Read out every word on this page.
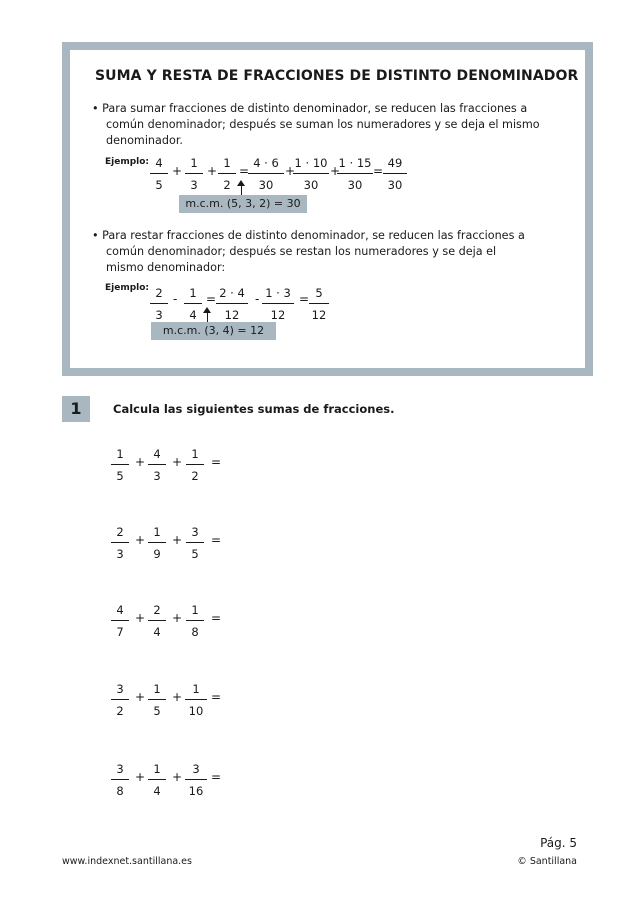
SUMA Y RESTA DE FRACCIONES DE DISTINTO DENOMINADOR
• Para sumar fracciones de distinto denominador, se reducen las fracciones a
común denominador; después se suman los numeradores y se deja el mismo
denominador.
Ejemplo: 4
5
+
1
3
+
1
2
=
4 · 6
30
+
1 · 10
30
+
1 · 15
30
=
49
30
m.c.m. (5, 3, 2) = 30
• Para restar fracciones de distinto denominador, se reducen las fracciones a
común denominador; después se restan los numeradores y se deja el
mismo denominador:
Ejemplo: 2
3
-	1
4
= 2 · 4
12
- 1 · 3
12
= 5
12
m.c.m. (3, 4) = 12
1	Calcula las siguientes sumas de fracciones.
1
5
+
4
3
+
1
2
=
2
3
+
1
9
+
3
5
=
4
7
+
2
4
+
1
8
=
3
2
+
1
5
+
1
10
=
3
8
+
1
4
+
3
16
=
Pág. 5
www.indexnet.santillana.es	© Santillana
